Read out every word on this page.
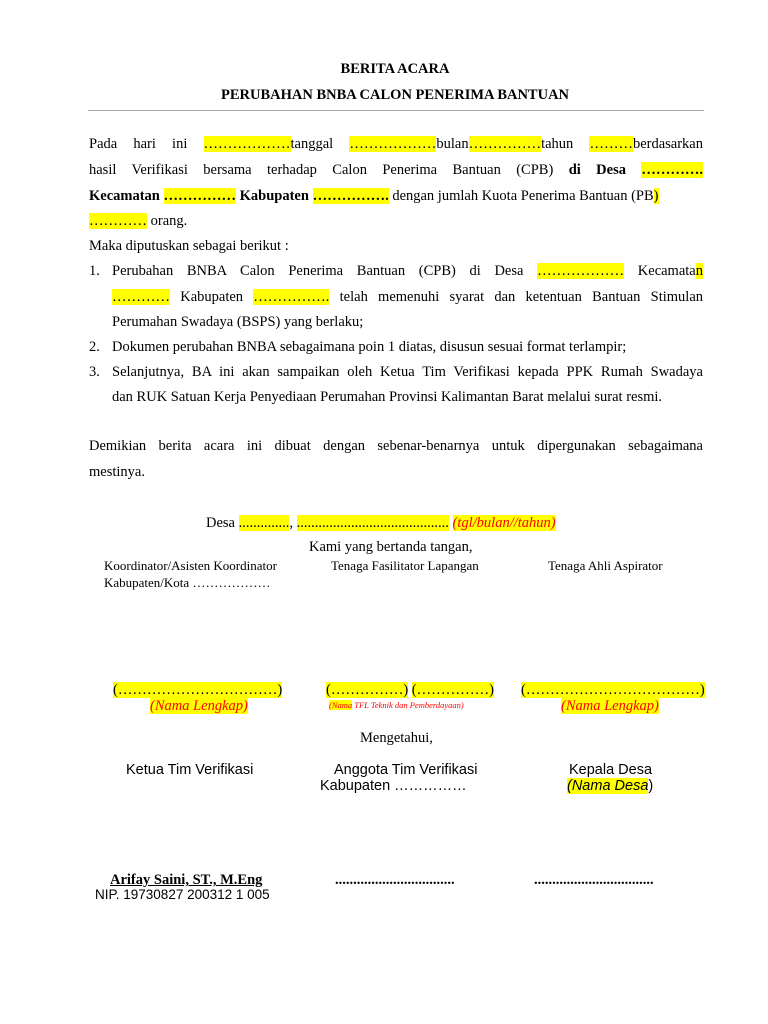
BERITA ACARA
PERUBAHAN BNBA CALON PENERIMA BANTUAN
Pada hari ini ………………tanggal ………………bulan……………tahun ………berdasarkan
hasil Verifikasi bersama terhadap Calon Penerima Bantuan (CPB) di Desa ………….
Kecamatan …………… Kabupaten ……………. dengan jumlah Kuota Penerima Bantuan (PB)
………… orang.
Maka diputuskan sebagai berikut :
1. Perubahan BNBA Calon Penerima Bantuan (CPB) di Desa ……………… Kecamatan
………… Kabupaten ……………. telah memenuhi syarat dan ketentuan Bantuan Stimulan
Perumahan Swadaya (BSPS) yang berlaku;
2. Dokumen perubahan BNBA sebagaimana poin 1 diatas, disusun sesuai format terlampir;
3. Selanjutnya, BA ini akan sampaikan oleh Ketua Tim Verifikasi kepada PPK Rumah Swadaya
dan RUK Satuan Kerja Penyediaan Perumahan Provinsi Kalimantan Barat melalui surat resmi.
Demikian berita acara ini dibuat dengan sebenar-benarnya untuk dipergunakan sebagaimana
mestinya.
Desa .............., .......................................... (tgl/bulan//tahun)
Kami yang bertanda tangan,
Koordinator/Asisten Koordinator
Kabupaten/Kota ………………
Tenaga Fasilitator Lapangan	Tenaga Ahli Aspirator
(……………………………)
(Nama Lengkap)
(……………) (……………)
(Nama TFL Teknik dan Pemberdayaan)
(………………………………)
(Nama Lengkap)
Mengetahui,
Ketua Tim Verifikasi	Anggota Tim Verifikasi
Kabupaten ……………
Kepala Desa
(Nama Desa)
Arifay Saini, ST., M.Eng
NIP. 19730827 200312 1 005
.................................	.................................
